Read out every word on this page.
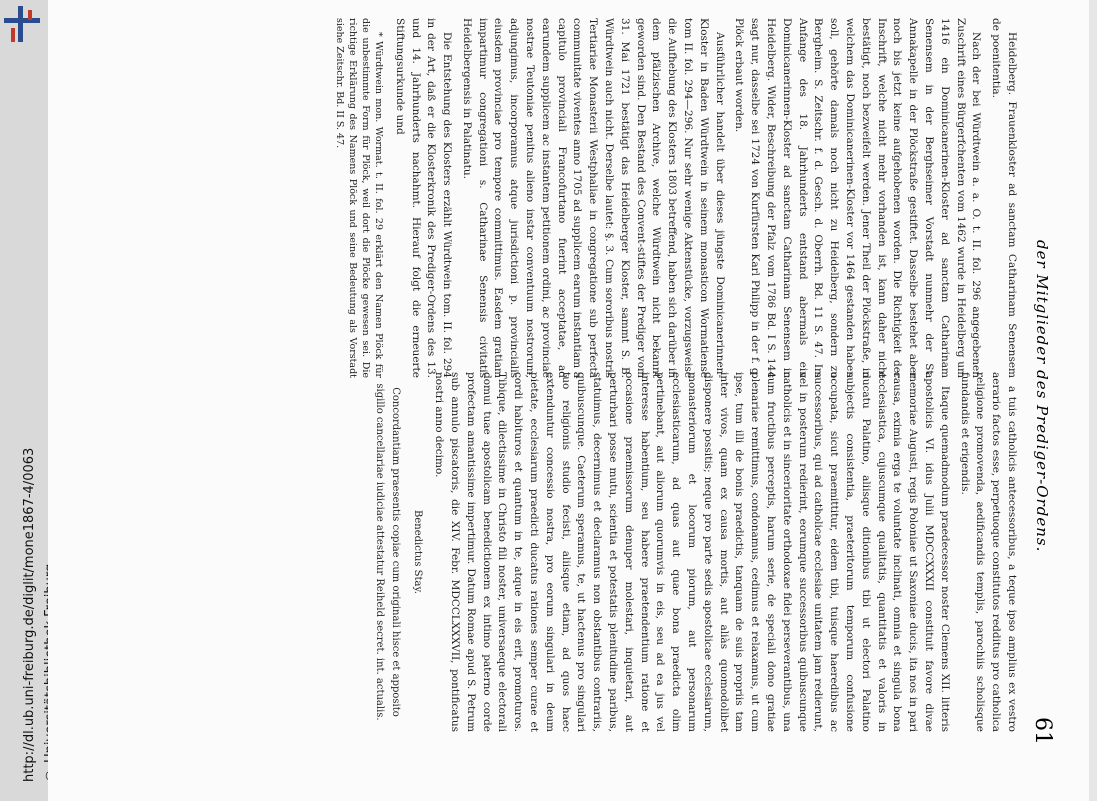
http://dl.ub.uni-freiburg.de/diglit/mone1867-4/0063
der Mitglieder des Prediger-Ordens.
61

a tuis catholicis antecessoribus, a teque ipso amplius ex vestro aerario factos esse, perpetuoque constitutos redditus pro catholica religione promovenda, aedificandis templis, parochiis scholisque fundandis et erigendis.

Itaque quemadmodum praedecessor noster Clemens XII. litteris apostolicis VI. idus Julii MDCCXXXII constituit favore divae memoriae Augusti, regis Poloniae ut Saxoniae ducis, ita nos in pari causa, eximia erga te voluntate inclinati, omnia et singula bona ecclesiastica, cujuscumque qualitatis, quantitatis et valoris in ducatu Palatino, aliisque ditionibus tibi ut electori Palatino subjectis consistentia, praeteritorum temporum confusione occupata, sicut praemittitur, eidem tibi, tuisque haeredibus ac successoribus, qui ad catholicae ecclesiae unitatem jam redierunt, vel in posterum redierint, eorumque successoribus quibuscunque catholicis et in sincerioritate orthodoxae fidei perseverantibus, una cum fructibus perceptis, harum serie, de speciali dono gratiae plenariae remittimus, condonamus, cedimus et relaxamus, ut cum ipse, tum illi de bonis praedictis, tanquam de suis propriis tam inter vivos, quam ex causa mortis, aut aliàs quomodolibet disponere possitis; neque pro parte sedis apostolicae ecclesiarum, monasteriorum et locorum piorum, aut personarum ecclesiasticarum, ad quas aut quae bona praedicta olim pertinebant, aut aliorum quorumvis in eis, seu ad ea jus vel interesse habentium, seu habere praetendentium ratione et occasione praemissorum denuper molestari, inquietari, aut perturbari posse mutu, scientia et potestatis plenitudine paribus, statuimus, decernimus et declaramus non obstantibus contrariis, quibuscunque. Caeterum speramus, te, ut hactenus pro singulari tuo religionis studio fecisti, aliisque etiam, ad quos haec extenduntur concessio nostra, pro eorum singulari in deum pietate, ecclesiarum praedicti ducatus rationes semper curae et cordi habituros et quantum in te, atque in eis erit, promoturos. Tibique, dilectissime in Christo fili noster, universaeque electorali domui tuae apostolicam benedictionem ex intimo paterno corde profectam amantissime impertimur. Datum Romae apud S. Petrum sub annulo piscatoris, die XIV. Febr. MDCCLXXXVII, pontificatus nostri anno decimo.

Benedictus Stay.
Concordantiam praesentis copiae cum originali hisce et apposito sigillo cancellariae iudiciae attestatur Reiheld secret. int. actualis.

Heidelberg. Frauenkloster ad sanctam Catharinam Senensem de poenitentia.

Nach der bei Würdtwein a. a. O. t. II. fol. 296 angegebenen Zuschrift eines Bürgerfchenten vom 1462 wurde in Heidelberg um 1416 ein Dominicanerinen-Kloster ad sanctam Catharinam Senensem in der Berghseimer Vorstadt nunmehr der St. Annakapelle in der Plöckstraße gestiftet. Dasselbe bestehet aber noch bis jetzt keine aufgehobenen worden. Die Richtigkeit der Inschrift, welche nicht mehr vorhanden ist, kann daher nicht bestätigt, noch bezweifelt werden. Jener Theil der Plöckstraße, in welchem das Dominicanerinen-Kloster vor 1464 gestanden haben soll, gehörte damals noch nicht zu Heidelberg, sondern zu Bergheim. S. Zeitschr. f. d. Gesch. d. Oberrh. Bd. 11 S. 47. Im Anfange des 18. Jahrhunderts entstand abermals ein Dominicanerinnen-Kloster ad sanctam Catharinam Senensem in Heidelberg. Wider, Beschreibung der Pfalz vom 1786 Bd. I S. 144 sagt nur, dasselbe sei 1724 von Kurfürsten Karl Philipp in der f. g. Plöck erbaut worden.

Ausführlicher handelt über dieses jüngste Dominicanerinnen-Kloster in Baden Würdtwein in seinem monasticon Wormatiense tom II. fol. 294—296. Nur sehr wenige Aktenstücke, vorzugsweise die Aufhebung des Klosters 1803 betreffend, haben sich darüber in dem pfälzischen Archive, welche Würdtwein nicht bekannt geworden sind. Den Bestand des Convent-stiftes der Prediger vom 31. Mai 1721 bestätigt das Heidelberger Kloster, sammt S. B. Würdtwein auch nicht. Derselbe lautet: §. 3. Cum sororibus nostris Tertiariae Monasterii Westphaliae in congregatione sub perfecta communitate viventes anno 1705 ad supplicem earum instantiam a capitulo provinciali Francofurtano fuerint acceptatae, ad earundem supplicem ac instantem petitionem ordini, ac provinciae nostrae Teutoniae penitus alieno instar conventuum nostrorum, adjungimus, incorporamus atque jurisdictioni p. provincialis eiusdem provinciae pro tempore committimus. Easdem gratiam impartimur congregationi s. Catharinae Senensis civitatis Heidelbergensis in Palatinatu.

Die Entstehung des Klosters erzählt Würdtwein tom. II. fol. 294 in der Art, daß er die Klosterkronik des Prediger-Ordens des 13. und 14. Jahrhunderts nachahmt. Hierauf folgt die erneuerte Stiftungsurkunde und

* Würdtwein mon. Wormat. t. II. fol. 29 erklärt den Namen Plöck für die unbestimmte Form für Plöck, weil dort die Plöcke gewesen sei. Die richtige Erklärung des Namens Plöck und seine Bedeutung als Vorstadt siehe Zeitschr. Bd. II S. 47.
